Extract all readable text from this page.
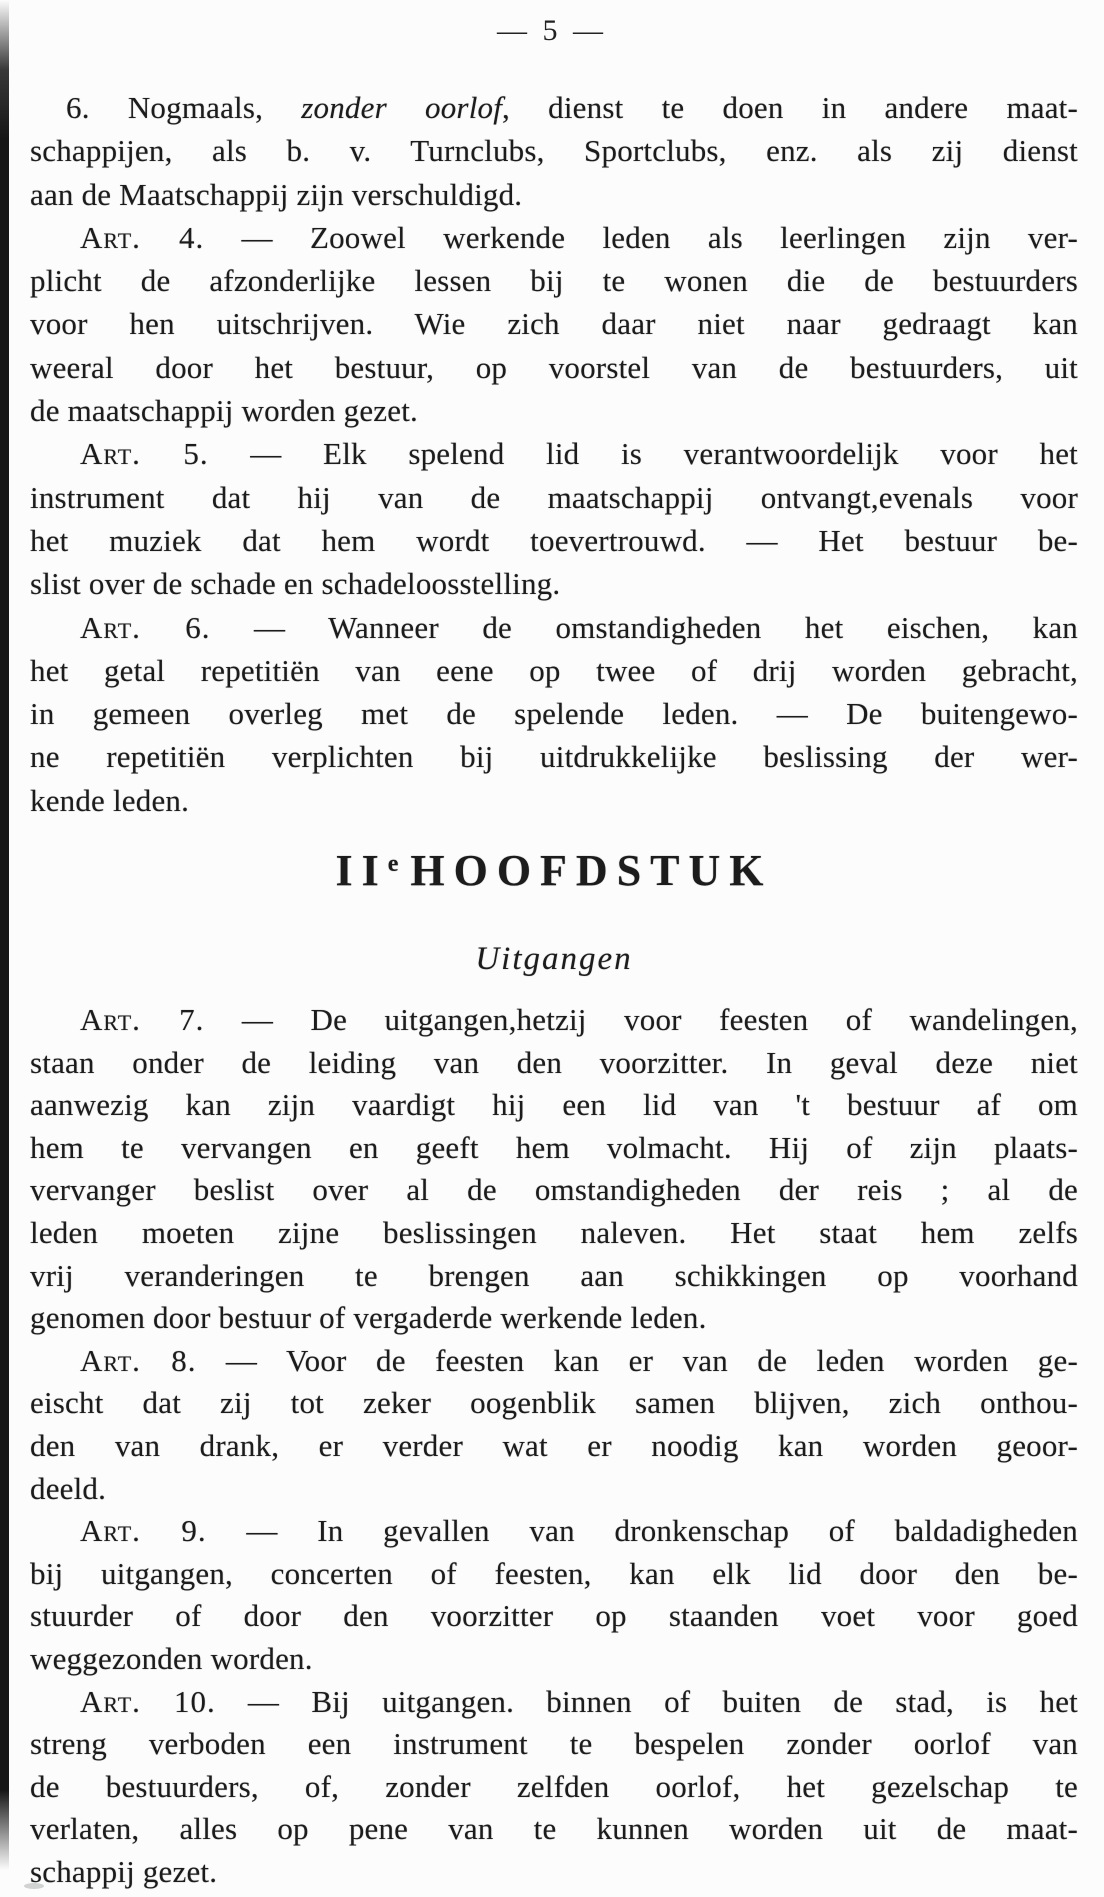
— 5 —
6. Nogmaals, zonder oorlof, dienst te doen in andere maat-
schappijen, als b. v. Turnclubs, Sportclubs, enz. als zij dienst
aan de Maatschappij zijn verschuldigd.
Art. 4. — Zoowel werkende leden als leerlingen zijn ver-
plicht de afzonderlijke lessen bij te wonen die de bestuurders
voor hen uitschrijven. Wie zich daar niet naar gedraagt kan
weeral door het bestuur, op voorstel van de bestuurders, uit
de maatschappij worden gezet.
Art. 5. — Elk spelend lid is verantwoordelijk voor het
instrument dat hij van de maatschappij ontvangt,evenals voor
het muziek dat hem wordt toevertrouwd. — Het bestuur be-
slist over de schade en schadeloosstelling.
Art. 6. — Wanneer de omstandigheden het eischen, kan
het getal repetitiën van eene op twee of drij worden gebracht,
in gemeen overleg met de spelende leden. — De buitengewo-
ne repetitiën verplichten bij uitdrukkelijke beslissing der wer-
kende leden.
IIe HOOFDSTUK
Uitgangen
Art. 7. — De uitgangen,hetzij voor feesten of wandelingen,
staan onder de leiding van den voorzitter. In geval deze niet
aanwezig kan zijn vaardigt hij een lid van 't bestuur af om
hem te vervangen en geeft hem volmacht. Hij of zijn plaats-
vervanger beslist over al de omstandigheden der reis ; al de
leden moeten zijne beslissingen naleven. Het staat hem zelfs
vrij veranderingen te brengen aan schikkingen op voorhand
genomen door bestuur of vergaderde werkende leden.
Art. 8. — Voor de feesten kan er van de leden worden ge-
eischt dat zij tot zeker oogenblik samen blijven, zich onthou-
den van drank, er verder wat er noodig kan worden geoor-
deeld.
Art. 9. — In gevallen van dronkenschap of baldadigheden
bij uitgangen, concerten of feesten, kan elk lid door den be-
stuurder of door den voorzitter op staanden voet voor goed
weggezonden worden.
Art. 10. — Bij uitgangen. binnen of buiten de stad, is het
streng verboden een instrument te bespelen zonder oorlof van
de bestuurders, of, zonder zelfden oorlof, het gezelschap te
verlaten, alles op pene van te kunnen worden uit de maat-
schappij gezet.
